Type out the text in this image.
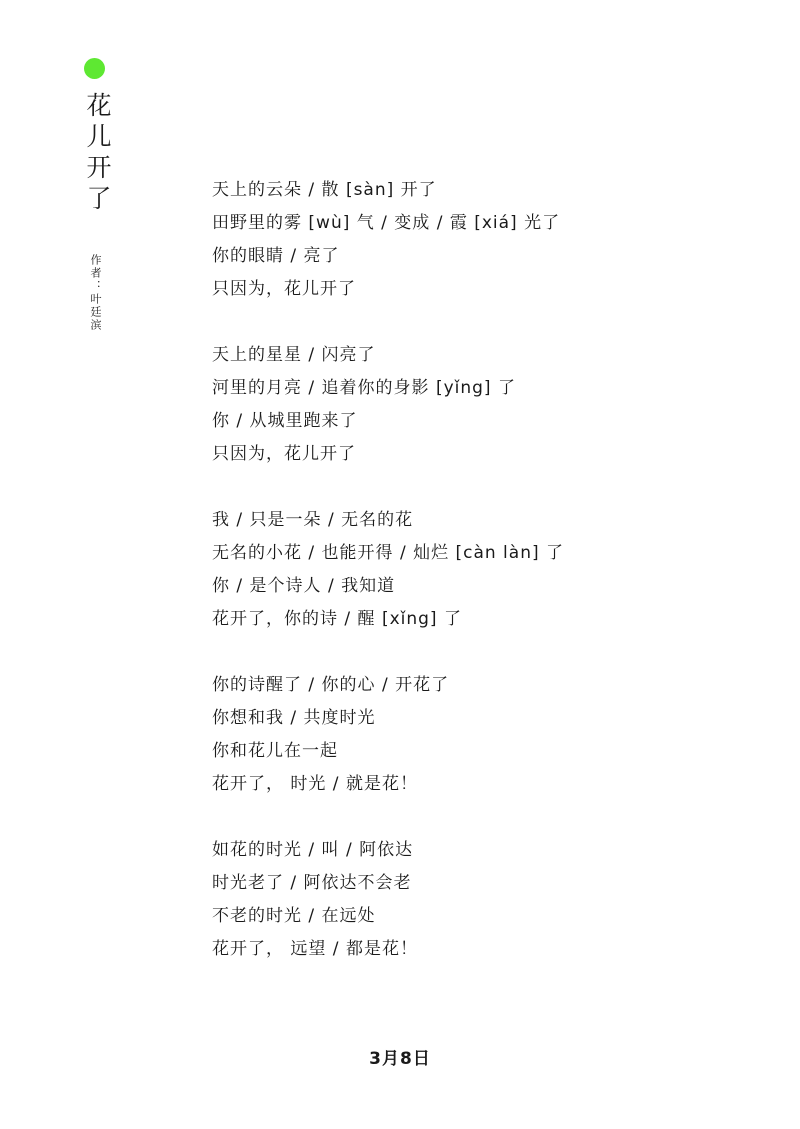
花儿开了
作者：叶廷滨
天上的云朵 / 散 [sàn] 开了
田野里的雾 [wù] 气 / 变成 / 霞 [xiá] 光了
你的眼睛 / 亮了
只因为，花儿开了
天上的星星 / 闪亮了
河里的月亮 / 追着你的身影 [yǐng] 了
你 / 从城里跑来了
只因为，花儿开了
我 / 只是一朵 / 无名的花
无名的小花 / 也能开得 / 灿烂 [càn làn] 了
你 / 是个诗人 / 我知道
花开了，你的诗 / 醒 [xǐng] 了
你的诗醒了 / 你的心 / 开花了
你想和我 / 共度时光
你和花儿在一起
花开了， 时光 / 就是花！
如花的时光 / 叫 / 阿依达
时光老了 / 阿依达不会老
不老的时光 / 在远处
花开了， 远望 / 都是花！
3月8日
